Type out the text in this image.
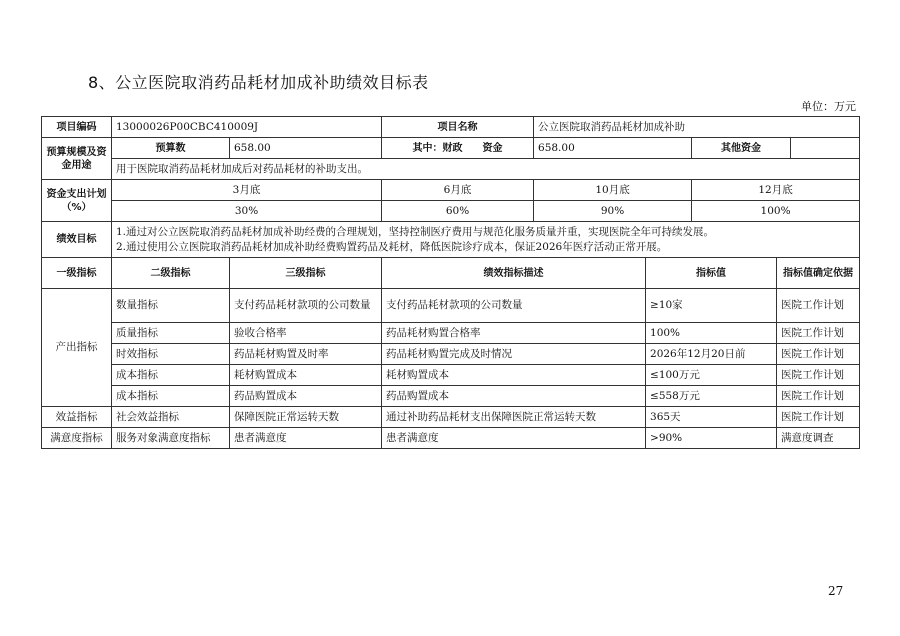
8、公立医院取消药品耗材加成补助绩效目标表
单位：万元
项目编码	13000026P00CBC410009J		项目名称	公立医院取消药品耗材加成补助				
预算规模及资金用途	预算数	658.00	其中：财政　　资金	658.00		其他资金		
	用于医院取消药品耗材加成后对药品耗材的补助支出。							
资金支出计划（%）	3月底		6月底	10月底		12月底		
	30%		60%	90%		100%		
绩效目标	1.通过对公立医院取消药品耗材加成补助经费的合理规划，坚持控制医疗费用与规范化服务质量并重，实现医院全年可持续发展。
2.通过使用公立医院取消药品耗材加成补助经费购置药品及耗材，降低医院诊疗成本，保证2026年医疗活动正常开展。							

一级指标	二级指标	三级指标	绩效指标描述		指标值		指标值确定依据	
产出指标	数量指标	支付药品耗材款项的公司数量	支付药品耗材款项的公司数量		≥10家		医院工作计划	
	质量指标	验收合格率	药品耗材购置合格率		100%		医院工作计划	
	时效指标	药品耗材购置及时率	药品耗材购置完成及时情况		2026年12月20日前		医院工作计划	
	成本指标	耗材购置成本	耗材购置成本		≤100万元		医院工作计划	
	成本指标	药品购置成本	药品购置成本		≤558万元		医院工作计划	
效益指标	社会效益指标	保障医院正常运转天数	通过补助药品耗材支出保障医院正常运转天数		365天		医院工作计划	
满意度指标	服务对象满意度指标	患者满意度	患者满意度		>90%		满意度调查	
27
